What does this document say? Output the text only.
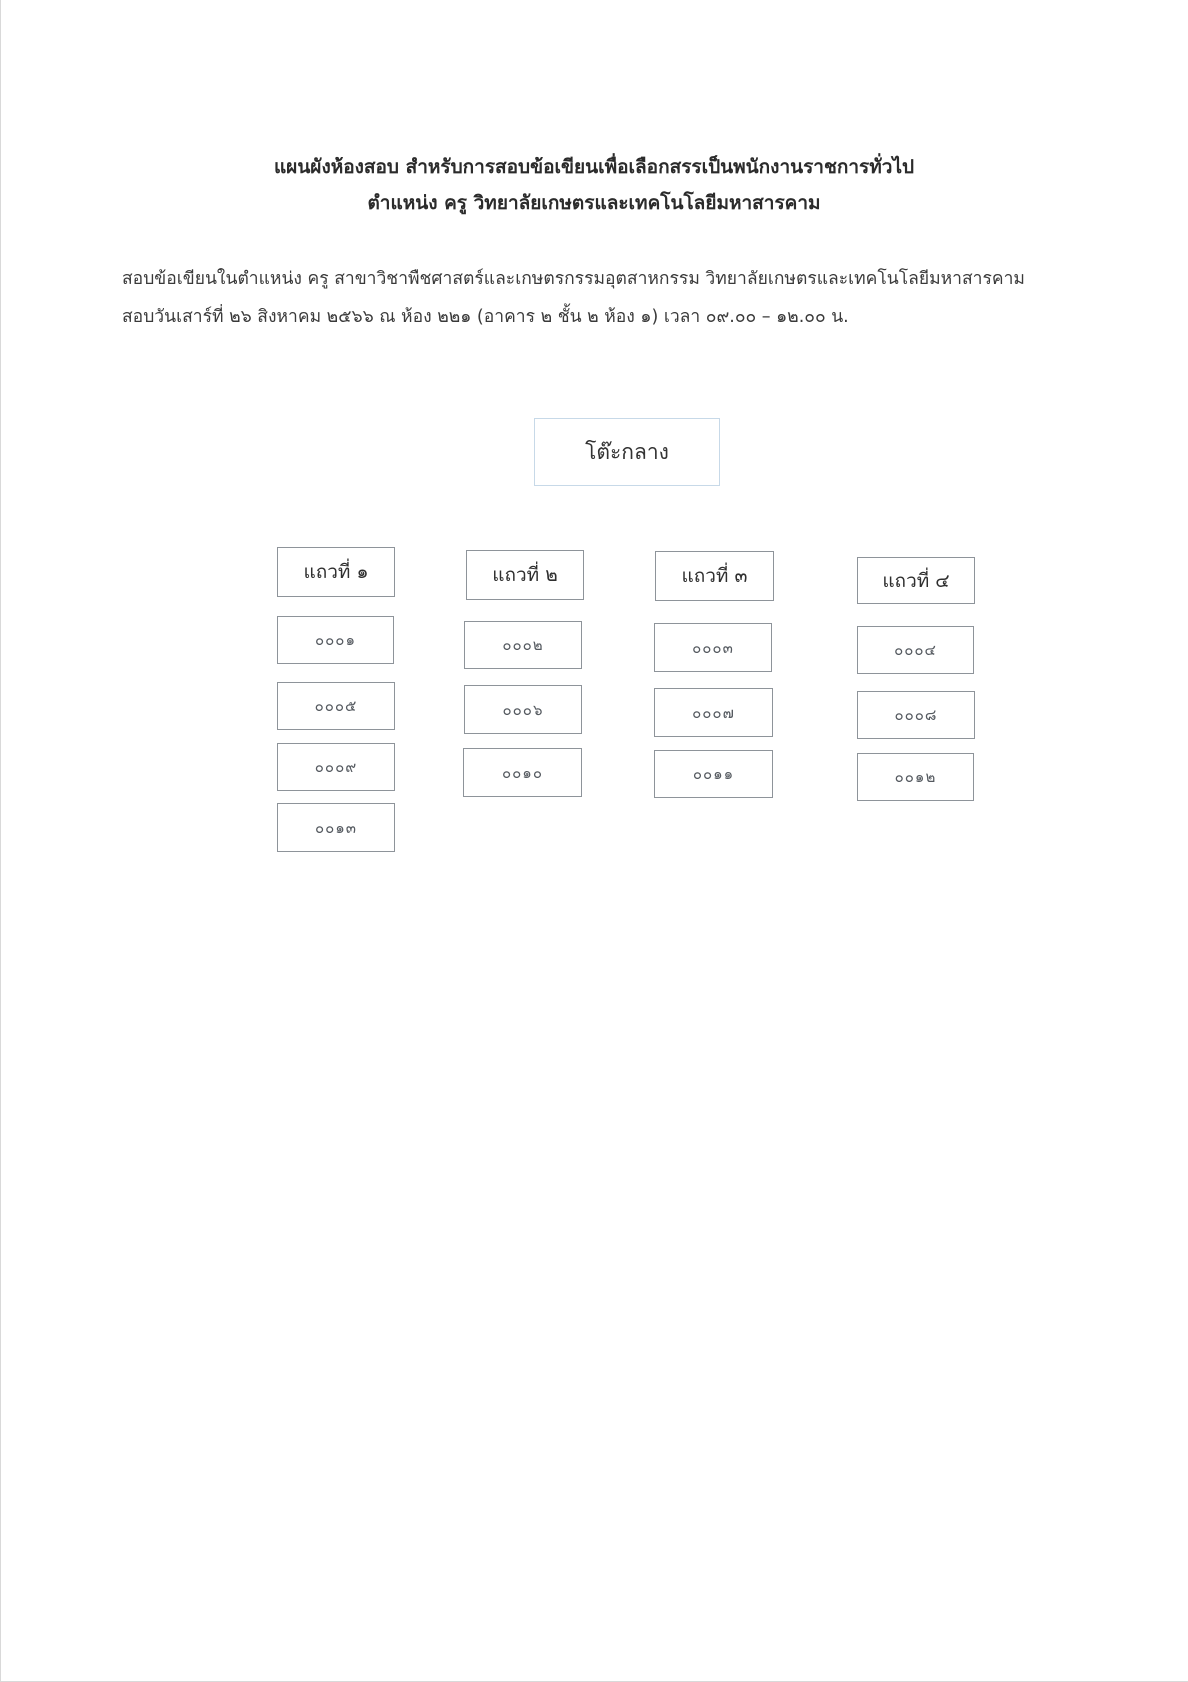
แผนผังห้องสอบ สำหรับการสอบข้อเขียนเพื่อเลือกสรรเป็นพนักงานราชการทั่วไป
ตำแหน่ง ครู วิทยาลัยเกษตรและเทคโนโลยีมหาสารคาม
สอบข้อเขียนในตำแหน่ง ครู สาขาวิชาพืชศาสตร์และเกษตรกรรมอุตสาหกรรม วิทยาลัยเกษตรและเทคโนโลยีมหาสารคาม
สอบวันเสาร์ที่ ๒๖ สิงหาคม ๒๕๖๖ ณ ห้อง ๒๒๑ (อาคาร ๒ ชั้น ๒ ห้อง ๑) เวลา ๐๙.๐๐ – ๑๒.๐๐ น.
โต๊ะกลาง
แถวที่ ๑
๐๐๐๑
๐๐๐๕
๐๐๐๙
๐๐๑๓
แถวที่ ๒
๐๐๐๒
๐๐๐๖
๐๐๑๐
แถวที่ ๓
๐๐๐๓
๐๐๐๗
๐๐๑๑
แถวที่ ๔
๐๐๐๔
๐๐๐๘
๐๐๑๒
